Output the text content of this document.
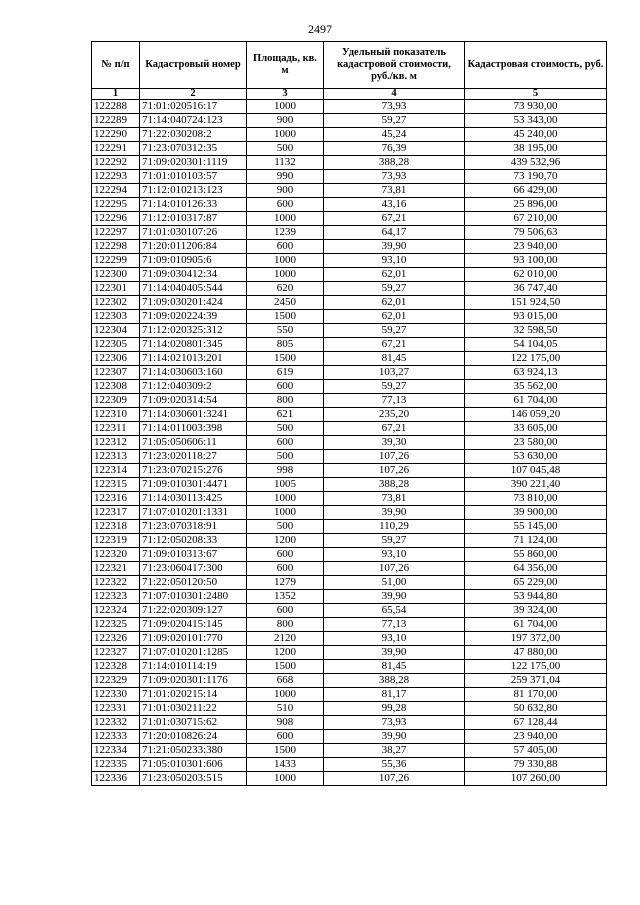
2497
№ п/п	Кадастровый номер	Площадь, кв. м	Удельный показатель кадастровой стоимости, руб./кв. м	Кадастровая стоимость, руб.
1	2	3	4	5
122288	71:01:020516:17	1000	73,93	73 930,00
122289	71:14:040724:123	900	59,27	53 343,00
122290	71:22:030208:2	1000	45,24	45 240,00
122291	71:23:070312:35	500	76,39	38 195,00
122292	71:09:020301:1119	1132	388,28	439 532,96
122293	71:01:010103:57	990	73,93	73 190,70
122294	71:12:010213:123	900	73,81	66 429,00
122295	71:14:010126:33	600	43,16	25 896,00
122296	71:12:010317:87	1000	67,21	67 210,00
122297	71:01:030107:26	1239	64,17	79 506,63
122298	71:20:011206:84	600	39,90	23 940,00
122299	71:09:010905:6	1000	93,10	93 100,00
122300	71:09:030412:34	1000	62,01	62 010,00
122301	71:14:040405:544	620	59,27	36 747,40
122302	71:09:030201:424	2450	62,01	151 924,50
122303	71:09:020224:39	1500	62,01	93 015,00
122304	71:12:020325:312	550	59,27	32 598,50
122305	71:14:020801:345	805	67,21	54 104,05
122306	71:14:021013:201	1500	81,45	122 175,00
122307	71:14:030603:160	619	103,27	63 924,13
122308	71:12:040309:2	600	59,27	35 562,00
122309	71:09:020314:54	800	77,13	61 704,00
122310	71:14:030601:3241	621	235,20	146 059,20
122311	71:14:011003:398	500	67,21	33 605,00
122312	71:05:050606:11	600	39,30	23 580,00
122313	71:23:020118:27	500	107,26	53 630,00
122314	71:23:070215:276	998	107,26	107 045,48
122315	71:09:010301:4471	1005	388,28	390 221,40
122316	71:14:030113:425	1000	73,81	73 810,00
122317	71:07:010201:1331	1000	39,90	39 900,00
122318	71:23:070318:91	500	110,29	55 145,00
122319	71:12:050208:33	1200	59,27	71 124,00
122320	71:09:010313:67	600	93,10	55 860,00
122321	71:23:060417:300	600	107,26	64 356,00
122322	71:22:050120:50	1279	51,00	65 229,00
122323	71:07:010301:2480	1352	39,90	53 944,80
122324	71:22:020309:127	600	65,54	39 324,00
122325	71:09:020415:145	800	77,13	61 704,00
122326	71:09:020101:770	2120	93,10	197 372,00
122327	71:07:010201:1285	1200	39,90	47 880,00
122328	71:14:010114:19	1500	81,45	122 175,00
122329	71:09:020301:1176	668	388,28	259 371,04
122330	71:01:020215:14	1000	81,17	81 170,00
122331	71:01:030211:22	510	99,28	50 632,80
122332	71:01:030715:62	908	73,93	67 128,44
122333	71:20:010826:24	600	39,90	23 940,00
122334	71:21:050233:380	1500	38,27	57 405,00
122335	71:05:010301:606	1433	55,36	79 330,88
122336	71:23:050203:515	1000	107,26	107 260,00
